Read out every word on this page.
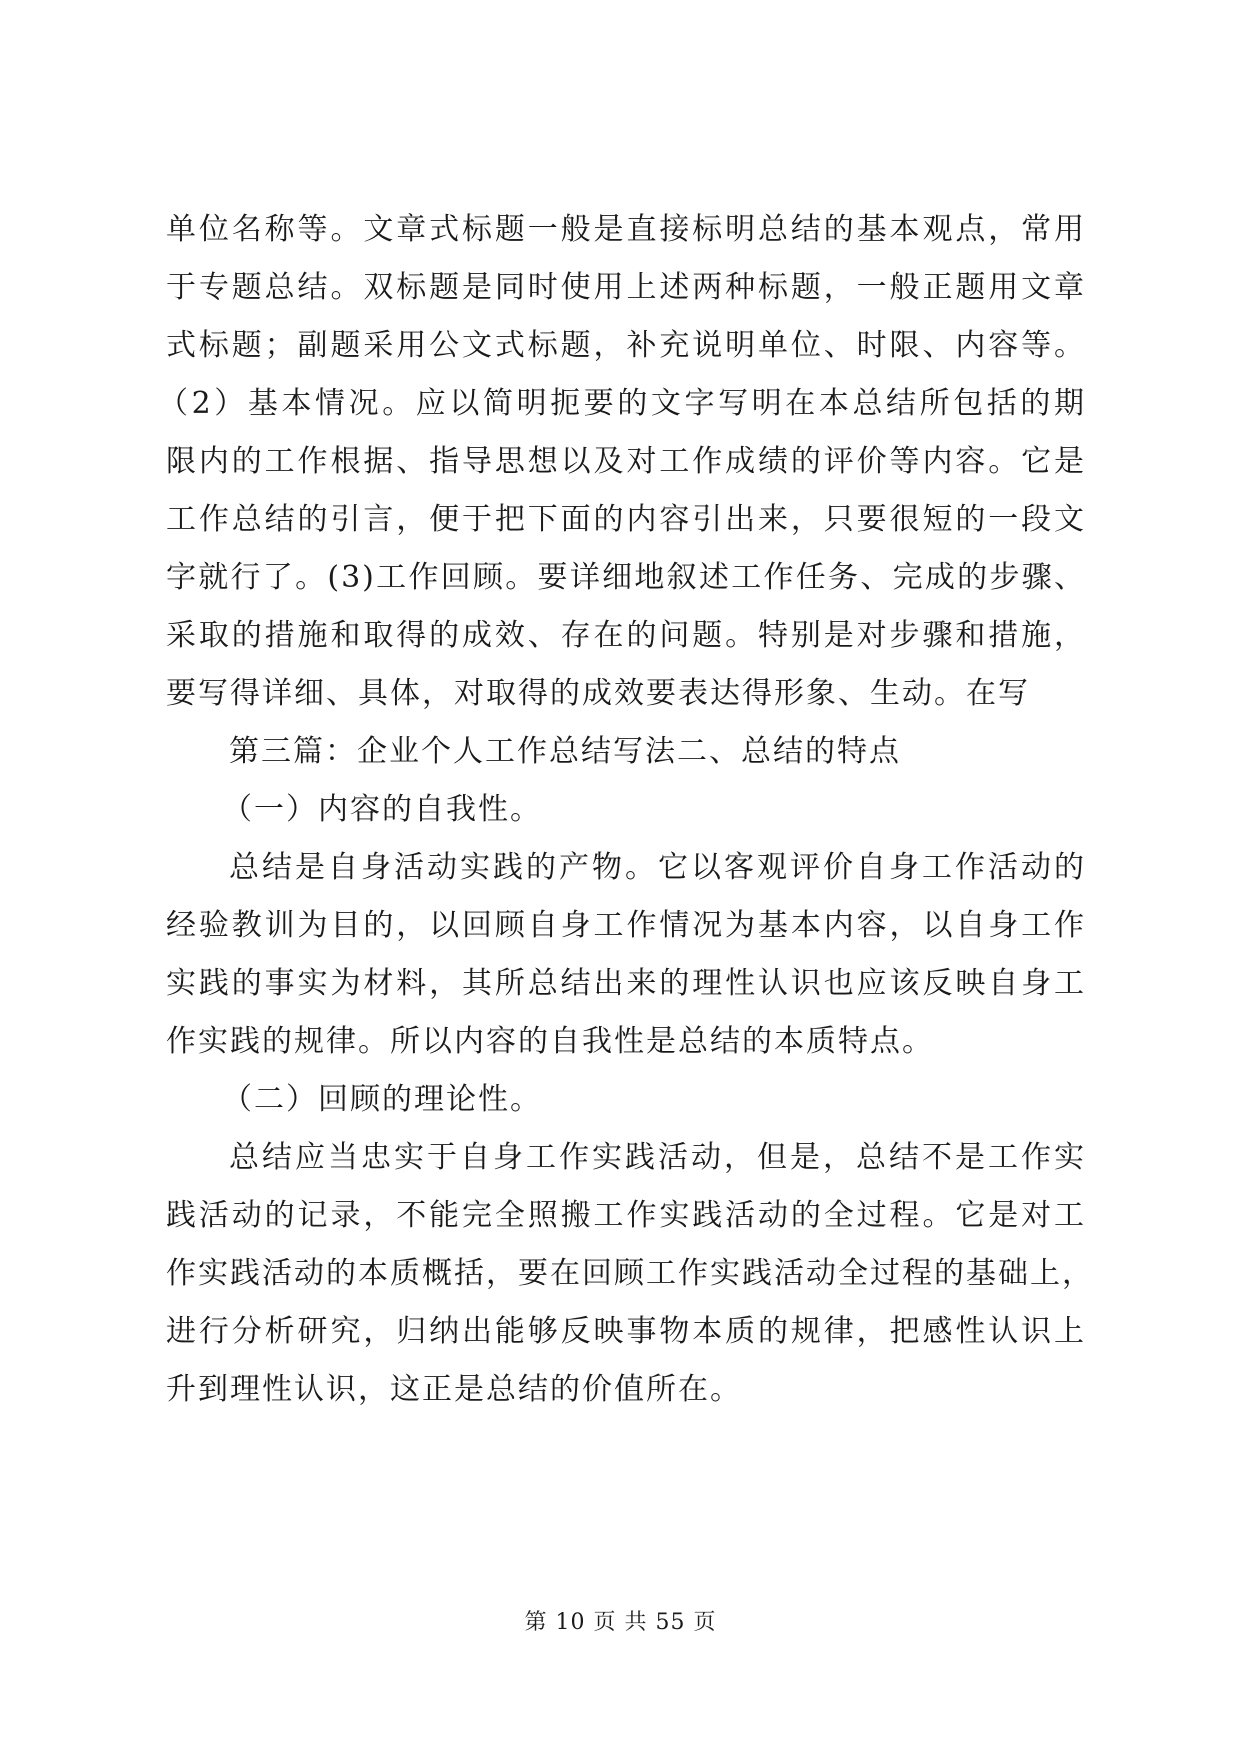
单位名称等。文章式标题一般是直接标明总结的基本观点，常用
于专题总结。双标题是同时使用上述两种标题，一般正题用文章
式标题；副题采用公文式标题，补充说明单位、时限、内容等。
（2）基本情况。应以简明扼要的文字写明在本总结所包括的期
限内的工作根据、指导思想以及对工作成绩的评价等内容。它是
工作总结的引言，便于把下面的内容引出来，只要很短的一段文
字就行了。(3)工作回顾。要详细地叙述工作任务、完成的步骤、
采取的措施和取得的成效、存在的问题。特别是对步骤和措施，
要写得详细、具体，对取得的成效要表达得形象、生动。在写
第三篇：企业个人工作总结写法二、总结的特点
（一）内容的自我性。
总结是自身活动实践的产物。它以客观评价自身工作活动的
经验教训为目的，以回顾自身工作情况为基本内容，以自身工作
实践的事实为材料，其所总结出来的理性认识也应该反映自身工
作实践的规律。所以内容的自我性是总结的本质特点。
（二）回顾的理论性。
总结应当忠实于自身工作实践活动，但是，总结不是工作实
践活动的记录，不能完全照搬工作实践活动的全过程。它是对工
作实践活动的本质概括，要在回顾工作实践活动全过程的基础上，
进行分析研究，归纳出能够反映事物本质的规律，把感性认识上
升到理性认识，这正是总结的价值所在。
第 10 页 共 55 页
